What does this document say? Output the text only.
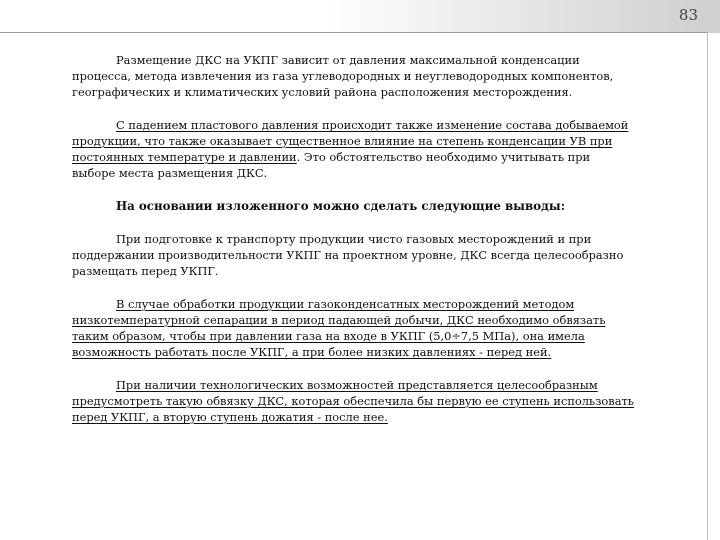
83
Размещение ДКС на УКПГ зависит от давления максимальной конденсации
процесса, метода извлечения из газа углеводородных и неуглеводородных компонентов,
географических и климатических условий района расположения месторождения.
С падением пластового давления происходит также изменение состава добываемой
продукции, что также оказывает существенное влияние на степень конденсации УВ при
постоянных температуре и давлении. Это обстоятельство необходимо учитывать при
выборе места размещения ДКС.
На основании изложенного можно сделать следующие выводы:
При подготовке к транспорту продукции чисто газовых месторождений и при
поддержании производительности УКПГ на проектном уровне, ДКС всегда целесообразно
размещать перед УКПГ.
В случае обработки продукции газоконденсатных месторождений методом
низкотемпературной сепарации в период падающей добычи, ДКС необходимо обвязать
таким образом, чтобы при давлении газа на входе в УКПГ (5,0÷7,5 МПа), она имела
возможность работать после УКПГ, а при более низких давлениях - перед ней.
При наличии технологических возможностей представляется целесообразным
предусмотреть такую обвязку ДКС, которая обеспечила бы первую ее ступень использовать
перед УКПГ, а вторую ступень дожатия - после нее.
